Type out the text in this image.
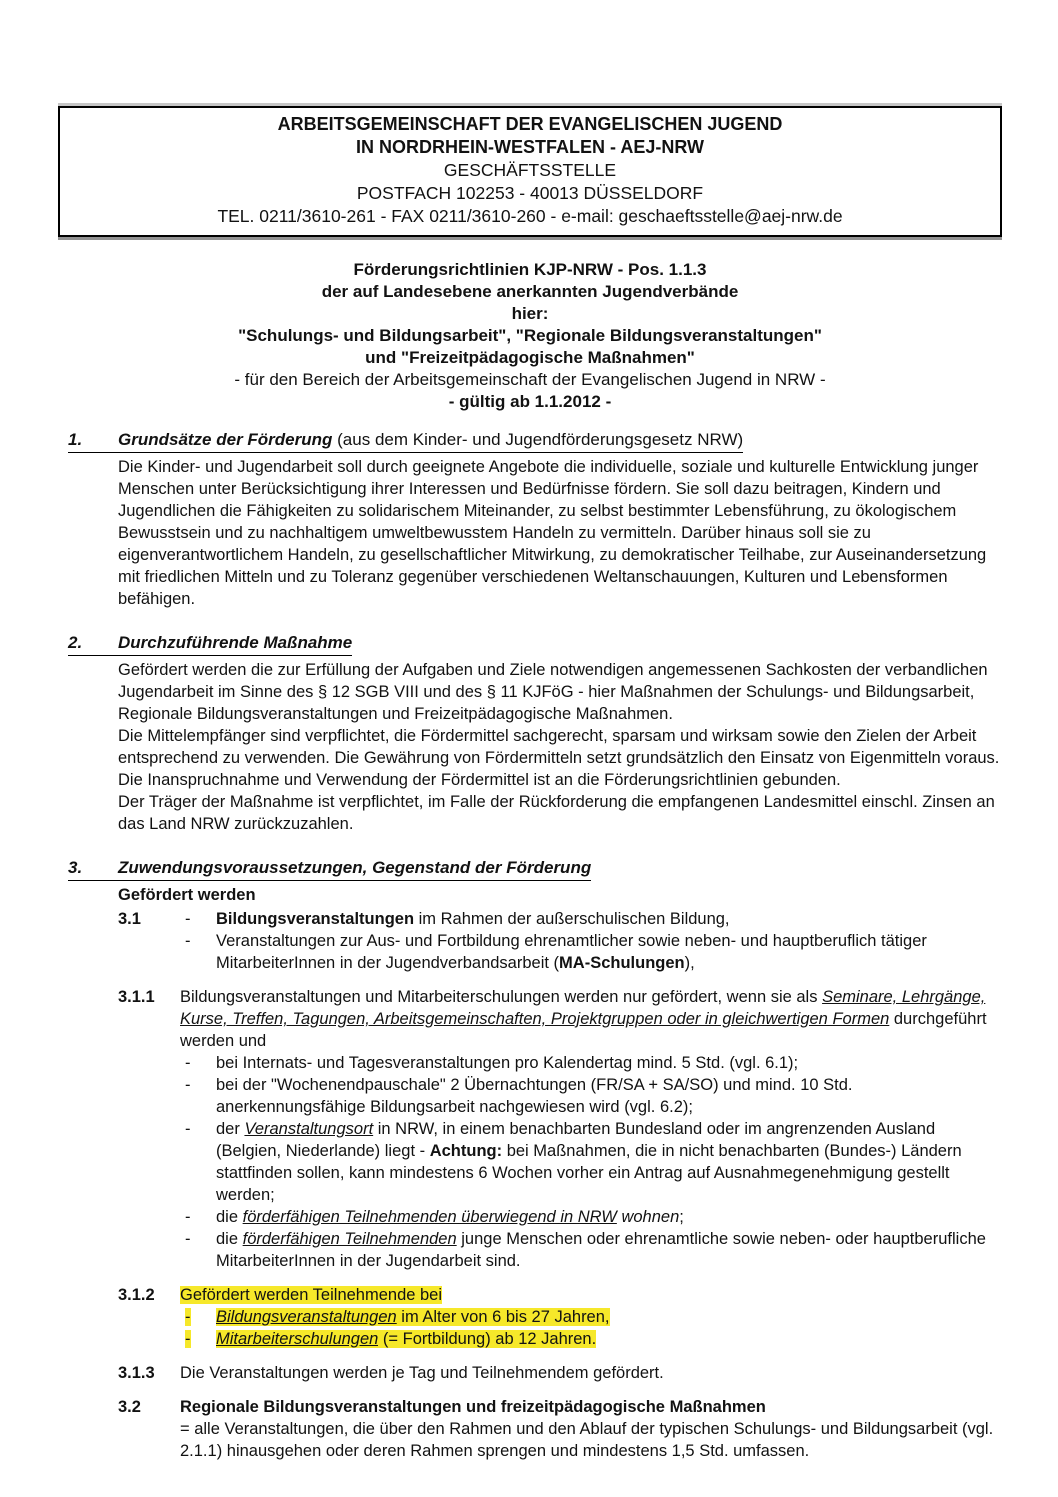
ARBEITSGEMEINSCHAFT DER EVANGELISCHEN JUGEND
IN NORDRHEIN-WESTFALEN - AEJ-NRW
GESCHÄFTSSTELLE
POSTFACH 102253 - 40013 DÜSSELDORF
TEL. 0211/3610-261 - FAX 0211/3610-260 - e-mail: geschaeftsstelle@aej-nrw.de
Förderungsrichtlinien KJP-NRW - Pos. 1.1.3
der auf Landesebene anerkannten Jugendverbände
hier:
"Schulungs- und Bildungsarbeit", "Regionale Bildungsveranstaltungen"
und "Freizeitpädagogische Maßnahmen"
- für den Bereich der Arbeitsgemeinschaft der Evangelischen Jugend in NRW -
- gültig ab 1.1.2012 -
1. Grundsätze der Förderung (aus dem Kinder- und Jugendförderungsgesetz NRW)

Die Kinder- und Jugendarbeit soll durch geeignete Angebote die individuelle, soziale und kulturelle Entwicklung junger Menschen unter Berücksichtigung ihrer Interessen und Bedürfnisse fördern. Sie soll dazu beitragen, Kindern und Jugendlichen die Fähigkeiten zu solidarischem Miteinander, zu selbst bestimmter Lebensführung, zu ökologischem Bewusstsein und zu nachhaltigem umweltbewusstem Handeln zu vermitteln. Darüber hinaus soll sie zu eigenverantwortlichem Handeln, zu gesellschaftlicher Mitwirkung, zu demokratischer Teilhabe, zur Auseinandersetzung mit friedlichen Mitteln und zu Toleranz gegenüber verschiedenen Weltanschauungen, Kulturen und Lebensformen befähigen.

2. Durchzuführende Maßnahme

Gefördert werden die zur Erfüllung der Aufgaben und Ziele notwendigen angemessenen Sachkosten der verbandlichen Jugendarbeit im Sinne des § 12 SGB VIII und des § 11 KJFöG - hier Maßnahmen der Schulungs- und Bildungsarbeit, Regionale Bildungsveranstaltungen und Freizeitpädagogische Maßnahmen.

Die Mittelempfänger sind verpflichtet, die Fördermittel sachgerecht, sparsam und wirksam sowie den Zielen der Arbeit entsprechend zu verwenden. Die Gewährung von Fördermitteln setzt grundsätzlich den Einsatz von Eigenmitteln voraus.

Die Inanspruchnahme und Verwendung der Fördermittel ist an die Förderungsrichtlinien gebunden.

Der Träger der Maßnahme ist verpflichtet, im Falle der Rückforderung die empfangenen Landesmittel einschl. Zinsen an das Land NRW zurückzuzahlen.

3. Zuwendungsvoraussetzungen, Gegenstand der Förderung
Gefördert werden
3.1	-	Bildungsveranstaltungen im Rahmen der außerschulischen Bildung,
-	Veranstaltungen zur Aus- und Fortbildung ehrenamtlicher sowie neben- und hauptberuflich tätiger MitarbeiterInnen in der Jugendverbandsarbeit (MA-Schulungen),
3.1.1	Bildungsveranstaltungen und Mitarbeiterschulungen werden nur gefördert, wenn sie als Seminare, Lehrgänge, Kurse, Treffen, Tagungen, Arbeitsgemeinschaften, Projektgruppen oder in gleichwertigen Formen durchgeführt werden und
-	bei Internats- und Tagesveranstaltungen pro Kalendertag mind. 5 Std. (vgl. 6.1);
-	bei der "Wochenendpauschale" 2 Übernachtungen (FR/SA + SA/SO) und mind. 10 Std. anerkennungsfähige Bildungsarbeit nachgewiesen wird (vgl. 6.2);
-	der Veranstaltungsort in NRW, in einem benachbarten Bundesland oder im angrenzenden Ausland (Belgien, Niederlande) liegt - Achtung: bei Maßnahmen, die in nicht benachbarten (Bundes-) Ländern stattfinden sollen, kann mindestens 6 Wochen vorher ein Antrag auf Ausnahmegenehmigung gestellt werden;
-	die förderfähigen Teilnehmenden überwiegend in NRW wohnen;
-	die förderfähigen Teilnehmenden junge Menschen oder ehrenamtliche sowie neben- oder hauptberufliche MitarbeiterInnen in der Jugendarbeit sind.
3.1.2	Gefördert werden Teilnehmende bei
-	Bildungsveranstaltungen im Alter von 6 bis 27 Jahren,
-	Mitarbeiterschulungen (= Fortbildung) ab 12 Jahren.
3.1.3	Die Veranstaltungen werden je Tag und Teilnehmendem gefördert.
3.2	Regionale Bildungsveranstaltungen und freizeitpädagogische Maßnahmen
= alle Veranstaltungen, die über den Rahmen und den Ablauf der typischen Schulungs- und Bildungsarbeit (vgl. 2.1.1) hinausgehen oder deren Rahmen sprengen und mindestens 1,5 Std. umfassen.
